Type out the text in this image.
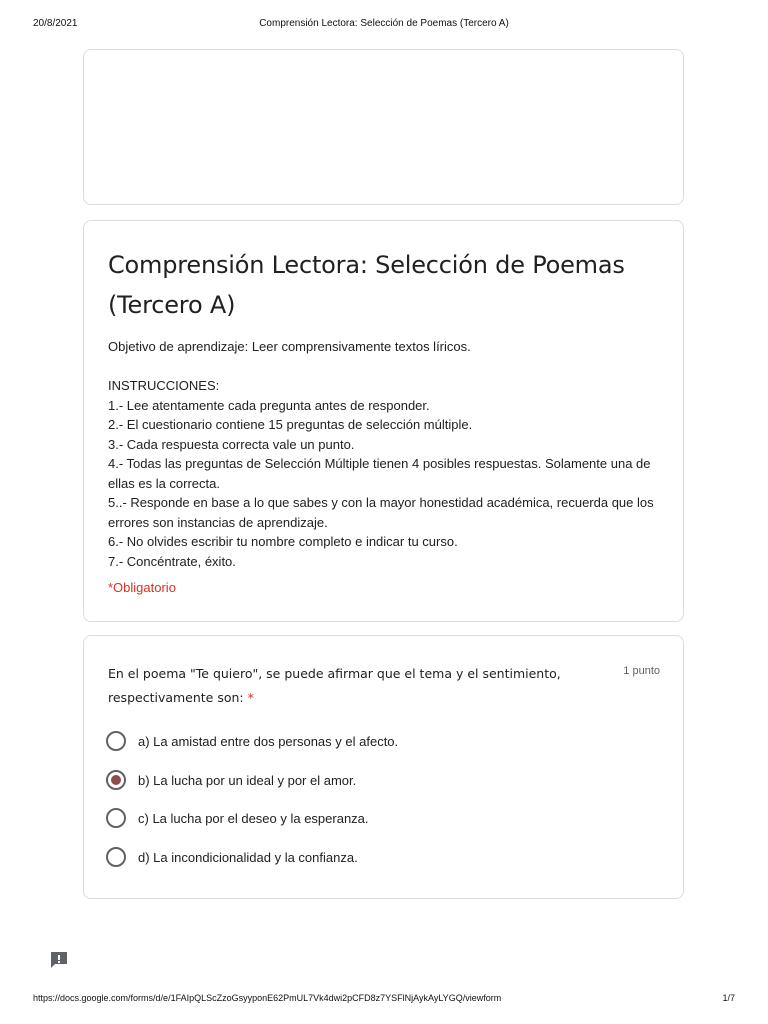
20/8/2021	Comprensión Lectora: Selección de Poemas (Tercero A)
Comprensión Lectora: Selección de Poemas (Tercero A)
Objetivo de aprendizaje: Leer comprensivamente textos líricos.

INSTRUCCIONES:
1.- Lee atentamente cada pregunta antes de responder.
2.- El cuestionario contiene 15 preguntas de selección múltiple.
3.- Cada respuesta correcta vale un punto.
4.- Todas las preguntas de Selección Múltiple tienen 4 posibles respuestas. Solamente una de ellas es la correcta.
5..- Responde en base a lo que sabes y con la mayor honestidad académica, recuerda que los errores son instancias de aprendizaje.
6.- No olvides escribir tu nombre completo e indicar tu curso.
7.- Concéntrate, éxito.
*Obligatorio
En el poema "Te quiero", se puede afirmar que el tema y el sentimiento, respectivamente son: *
1 punto
a) La amistad entre dos personas y el afecto.
b) La lucha por un ideal y por el amor.
c) La lucha por el deseo y la esperanza.
d) La incondicionalidad y la confianza.
https://docs.google.com/forms/d/e/1FAIpQLScZzoGsyyponE62PmUL7Vk4dwi2pCFD8z7YSFlNjAykAyLYGQ/viewform	1/7
